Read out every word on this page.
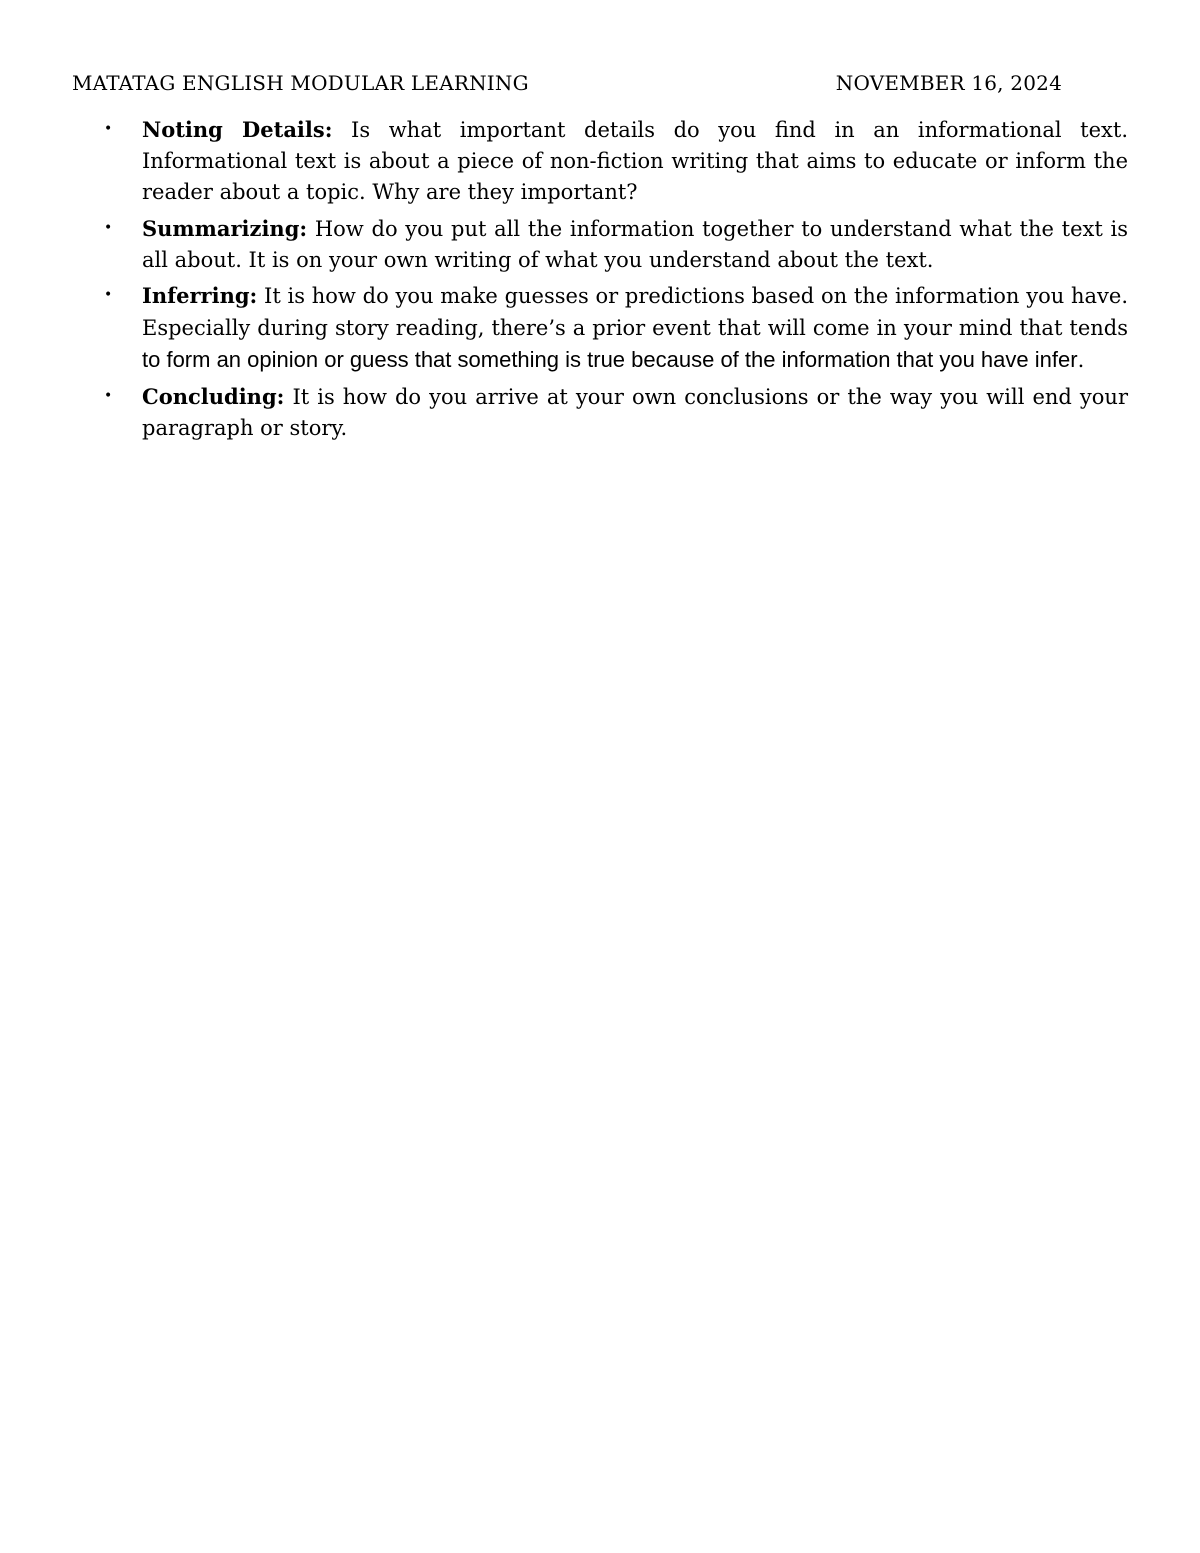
MATATAG ENGLISH MODULAR LEARNING	NOVEMBER 16, 2024
• Noting Details: Is what important details do you find in an informational text. Informational text is about a piece of non-fiction writing that aims to educate or inform the reader about a topic. Why are they important?
• Summarizing: How do you put all the information together to understand what the text is all about. It is on your own writing of what you understand about the text.
• Inferring: It is how do you make guesses or predictions based on the information you have. Especially during story reading, there’s a prior event that will come in your mind that tends to form an opinion or guess that something is true because of the information that you have infer.
• Concluding: It is how do you arrive at your own conclusions or the way you will end your paragraph or story.
